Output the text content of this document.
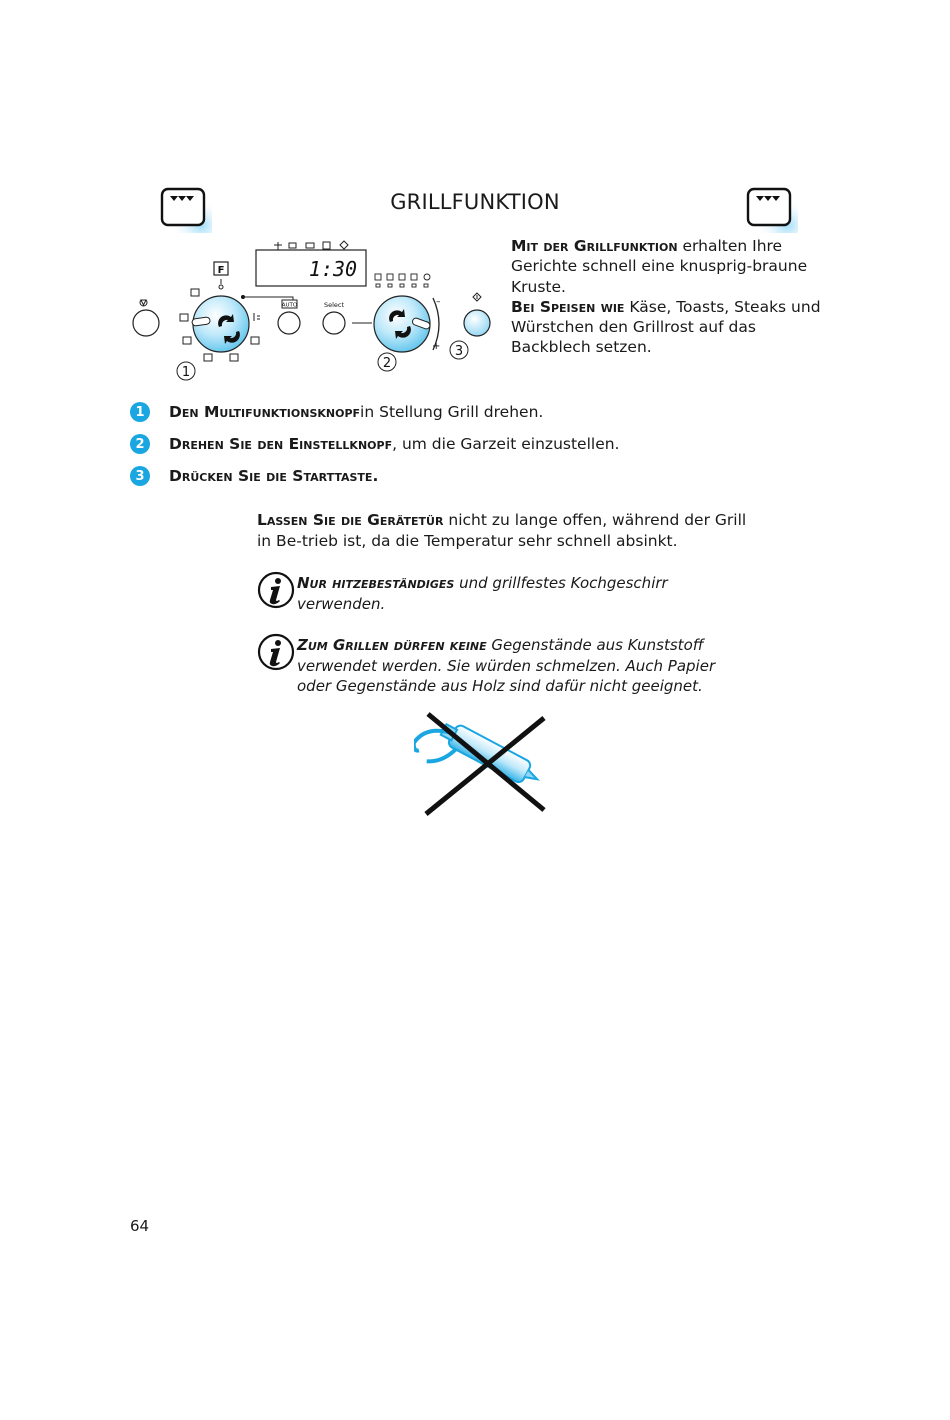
GRILLFUNKTION
1:30
F
AUTO	Select	–
+
1
2
3
Mit der Grillfunktion erhalten Ihre Gerichte schnell eine knusprig-braune Kruste.
Bei Speisen wie Käse, Toasts, Steaks und Würstchen den Grillrost auf das Backblech setzen.
1	Den Multifunktionsknopf in Stellung Grill drehen.
2	Drehen Sie den Einstellknopf , um die Garzeit einzustellen.
3	Drücken Sie die Starttaste.
Lassen Sie die Gerätetür nicht zu lange offen, während der Grill in Be-trieb ist, da die Temperatur sehr schnell absinkt.
Nur hitzebeständiges und grillfestes Kochgeschirr verwenden.
Zum Grillen dürfen keine Gegenstände aus Kunststoff verwendet werden. Sie würden schmelzen. Auch Papier oder Gegenstände aus Holz sind dafür nicht geeignet.
64
